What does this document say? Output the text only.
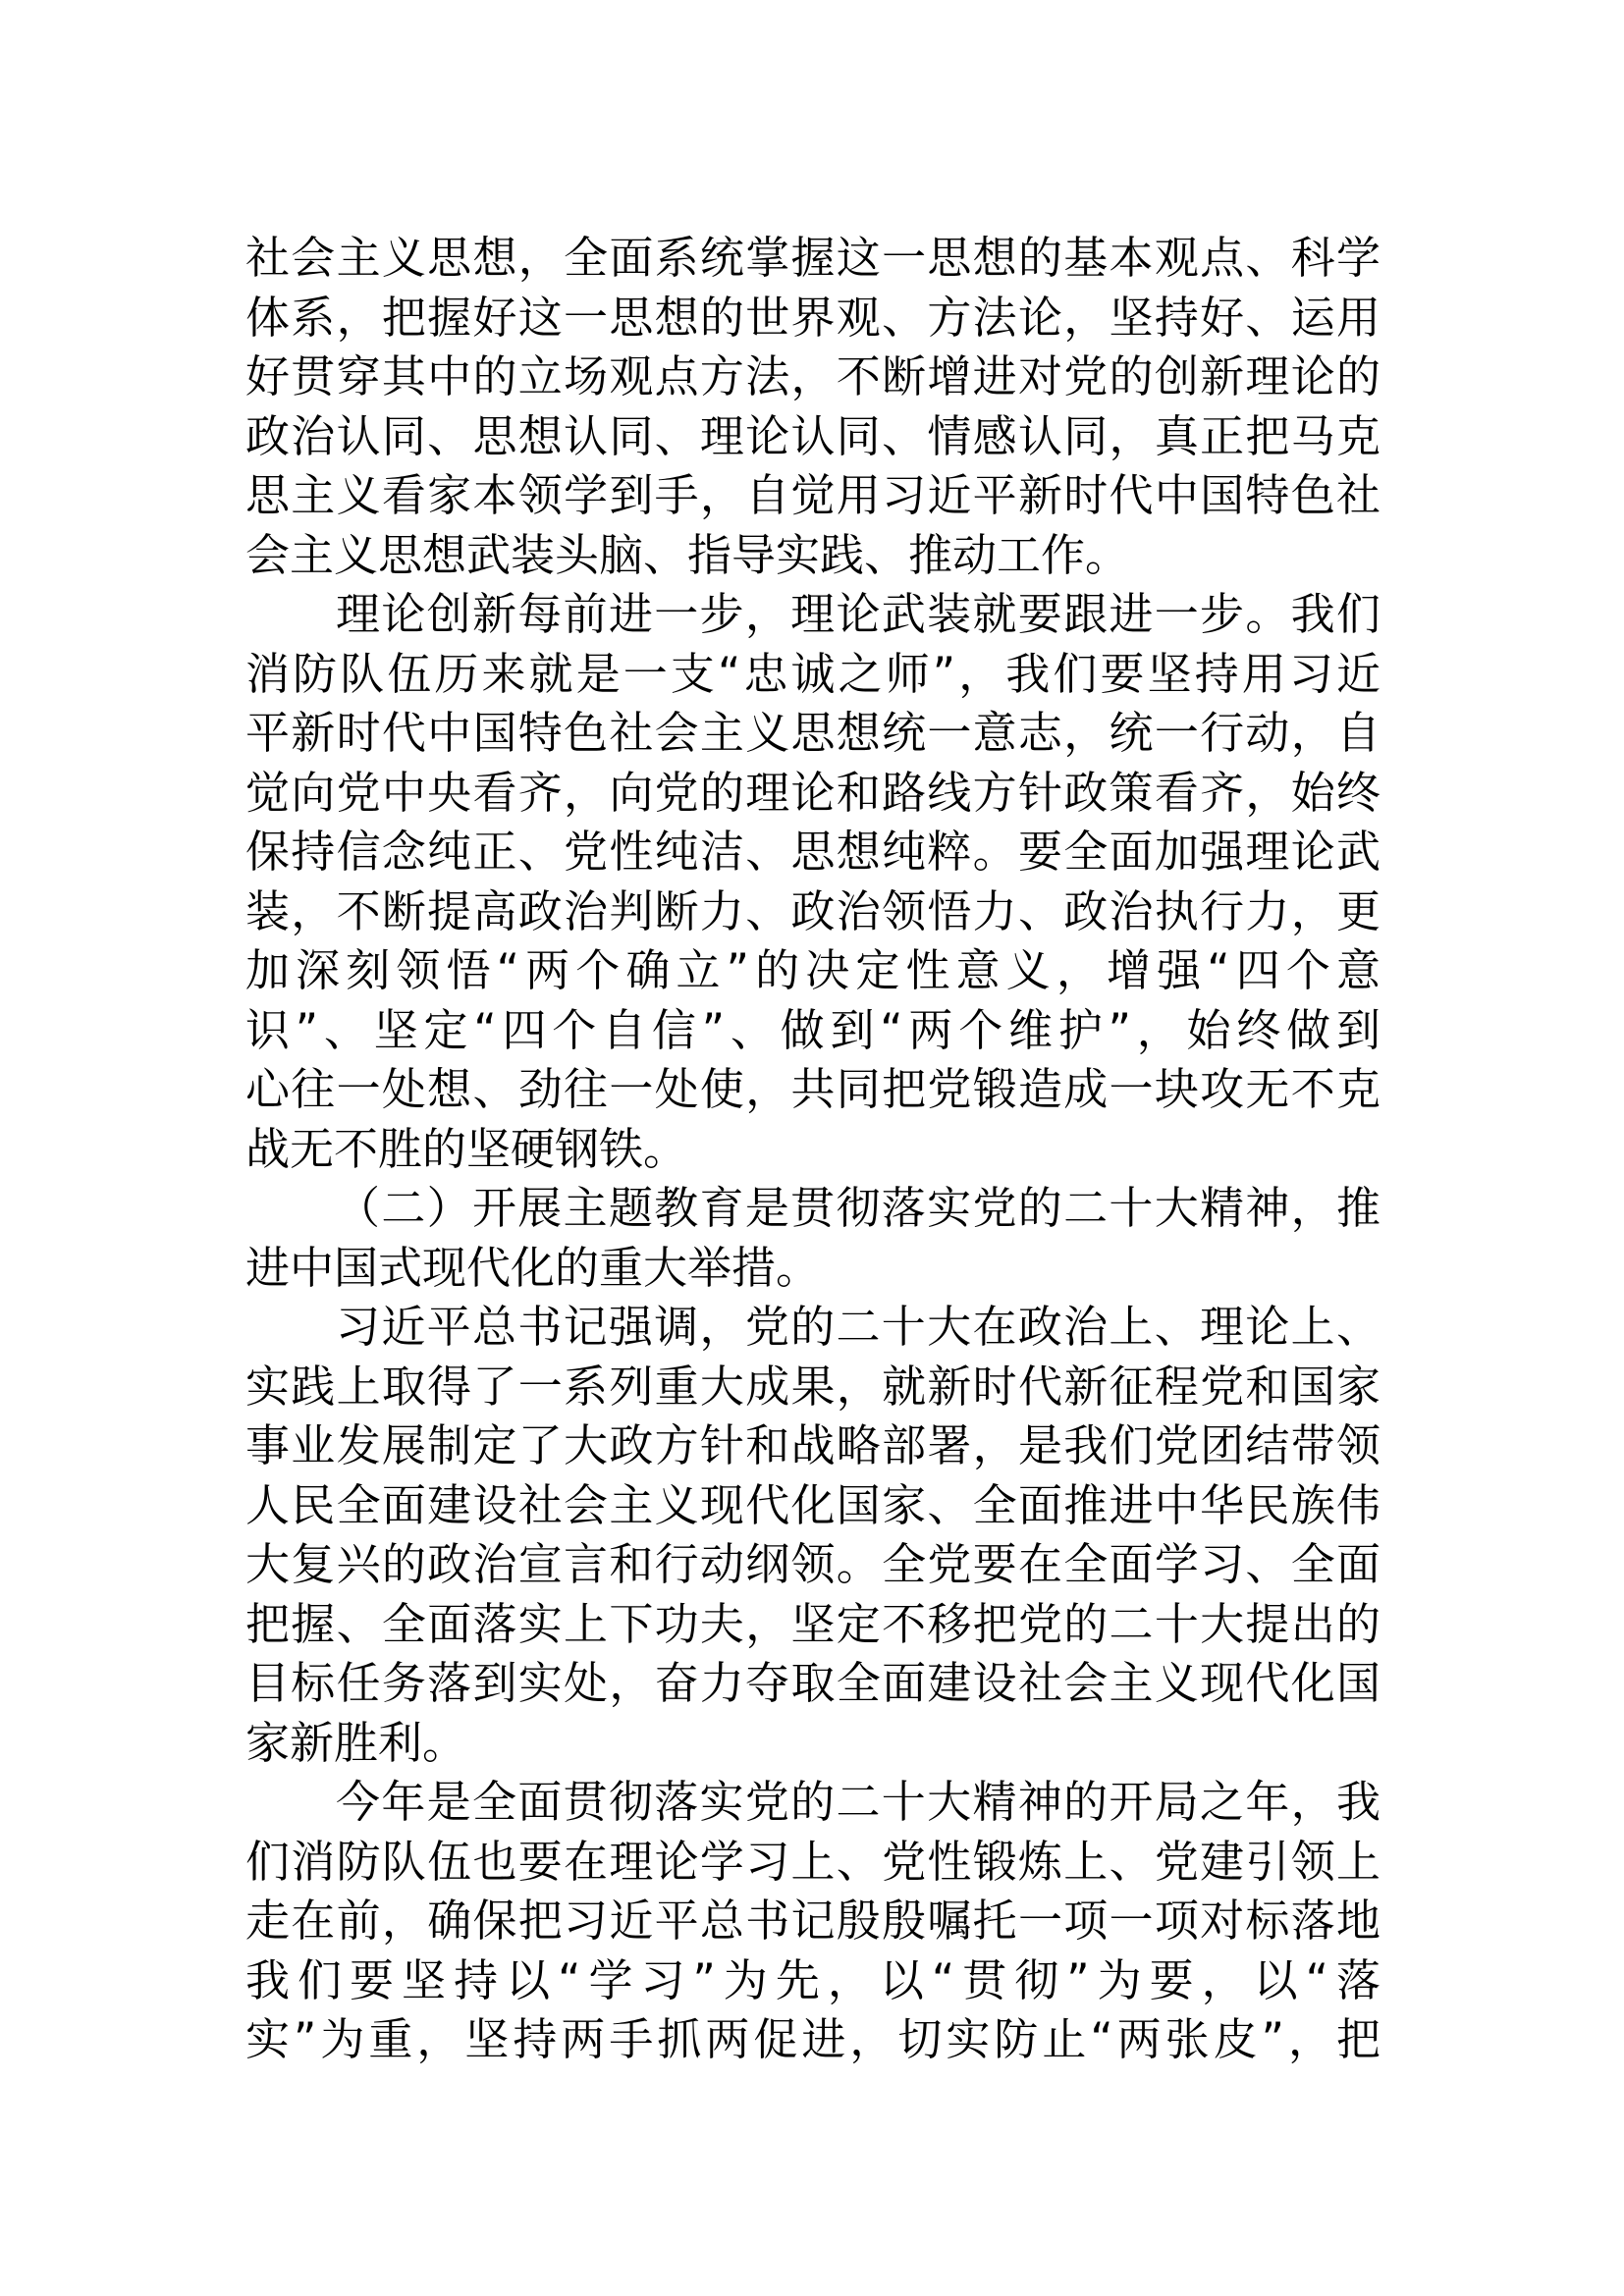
社会主义思想，全面系统掌握这一思想的基本观点、科学
体系，把握好这一思想的世界观、方法论，坚持好、运用
好贯穿其中的立场观点方法，不断增进对党的创新理论的
政治认同、思想认同、理论认同、情感认同，真正把马克
思主义看家本领学到手，自觉用习近平新时代中国特色社
会主义思想武装头脑、指导实践、推动工作。
理论创新每前进一步，理论武装就要跟进一步。我们
消防队伍历来就是一支“忠诚之师”，我们要坚持用习近
平新时代中国特色社会主义思想统一意志，统一行动，自
觉向党中央看齐，向党的理论和路线方针政策看齐，始终
保持信念纯正、党性纯洁、思想纯粹。要全面加强理论武
装，不断提高政治判断力、政治领悟力、政治执行力，更
加深刻领悟“两个确立”的决定性意义，增强“四个意
识”、坚定“四个自信”、做到“两个维护”，始终做到
心往一处想、劲往一处使，共同把党锻造成一块攻无不克
战无不胜的坚硬钢铁。
（二）开展主题教育是贯彻落实党的二十大精神，推
进中国式现代化的重大举措。
习近平总书记强调，党的二十大在政治上、理论上、
实践上取得了一系列重大成果，就新时代新征程党和国家
事业发展制定了大政方针和战略部署，是我们党团结带领
人民全面建设社会主义现代化国家、全面推进中华民族伟
大复兴的政治宣言和行动纲领。全党要在全面学习、全面
把握、全面落实上下功夫，坚定不移把党的二十大提出的
目标任务落到实处，奋力夺取全面建设社会主义现代化国
家新胜利。
今年是全面贯彻落实党的二十大精神的开局之年，我
们消防队伍也要在理论学习上、党性锻炼上、党建引领上
走在前，确保把习近平总书记殷殷嘱托一项一项对标落地
我们要坚持以“学习”为先，以“贯彻”为要，以“落
实”为重，坚持两手抓两促进，切实防止“两张皮”，把
